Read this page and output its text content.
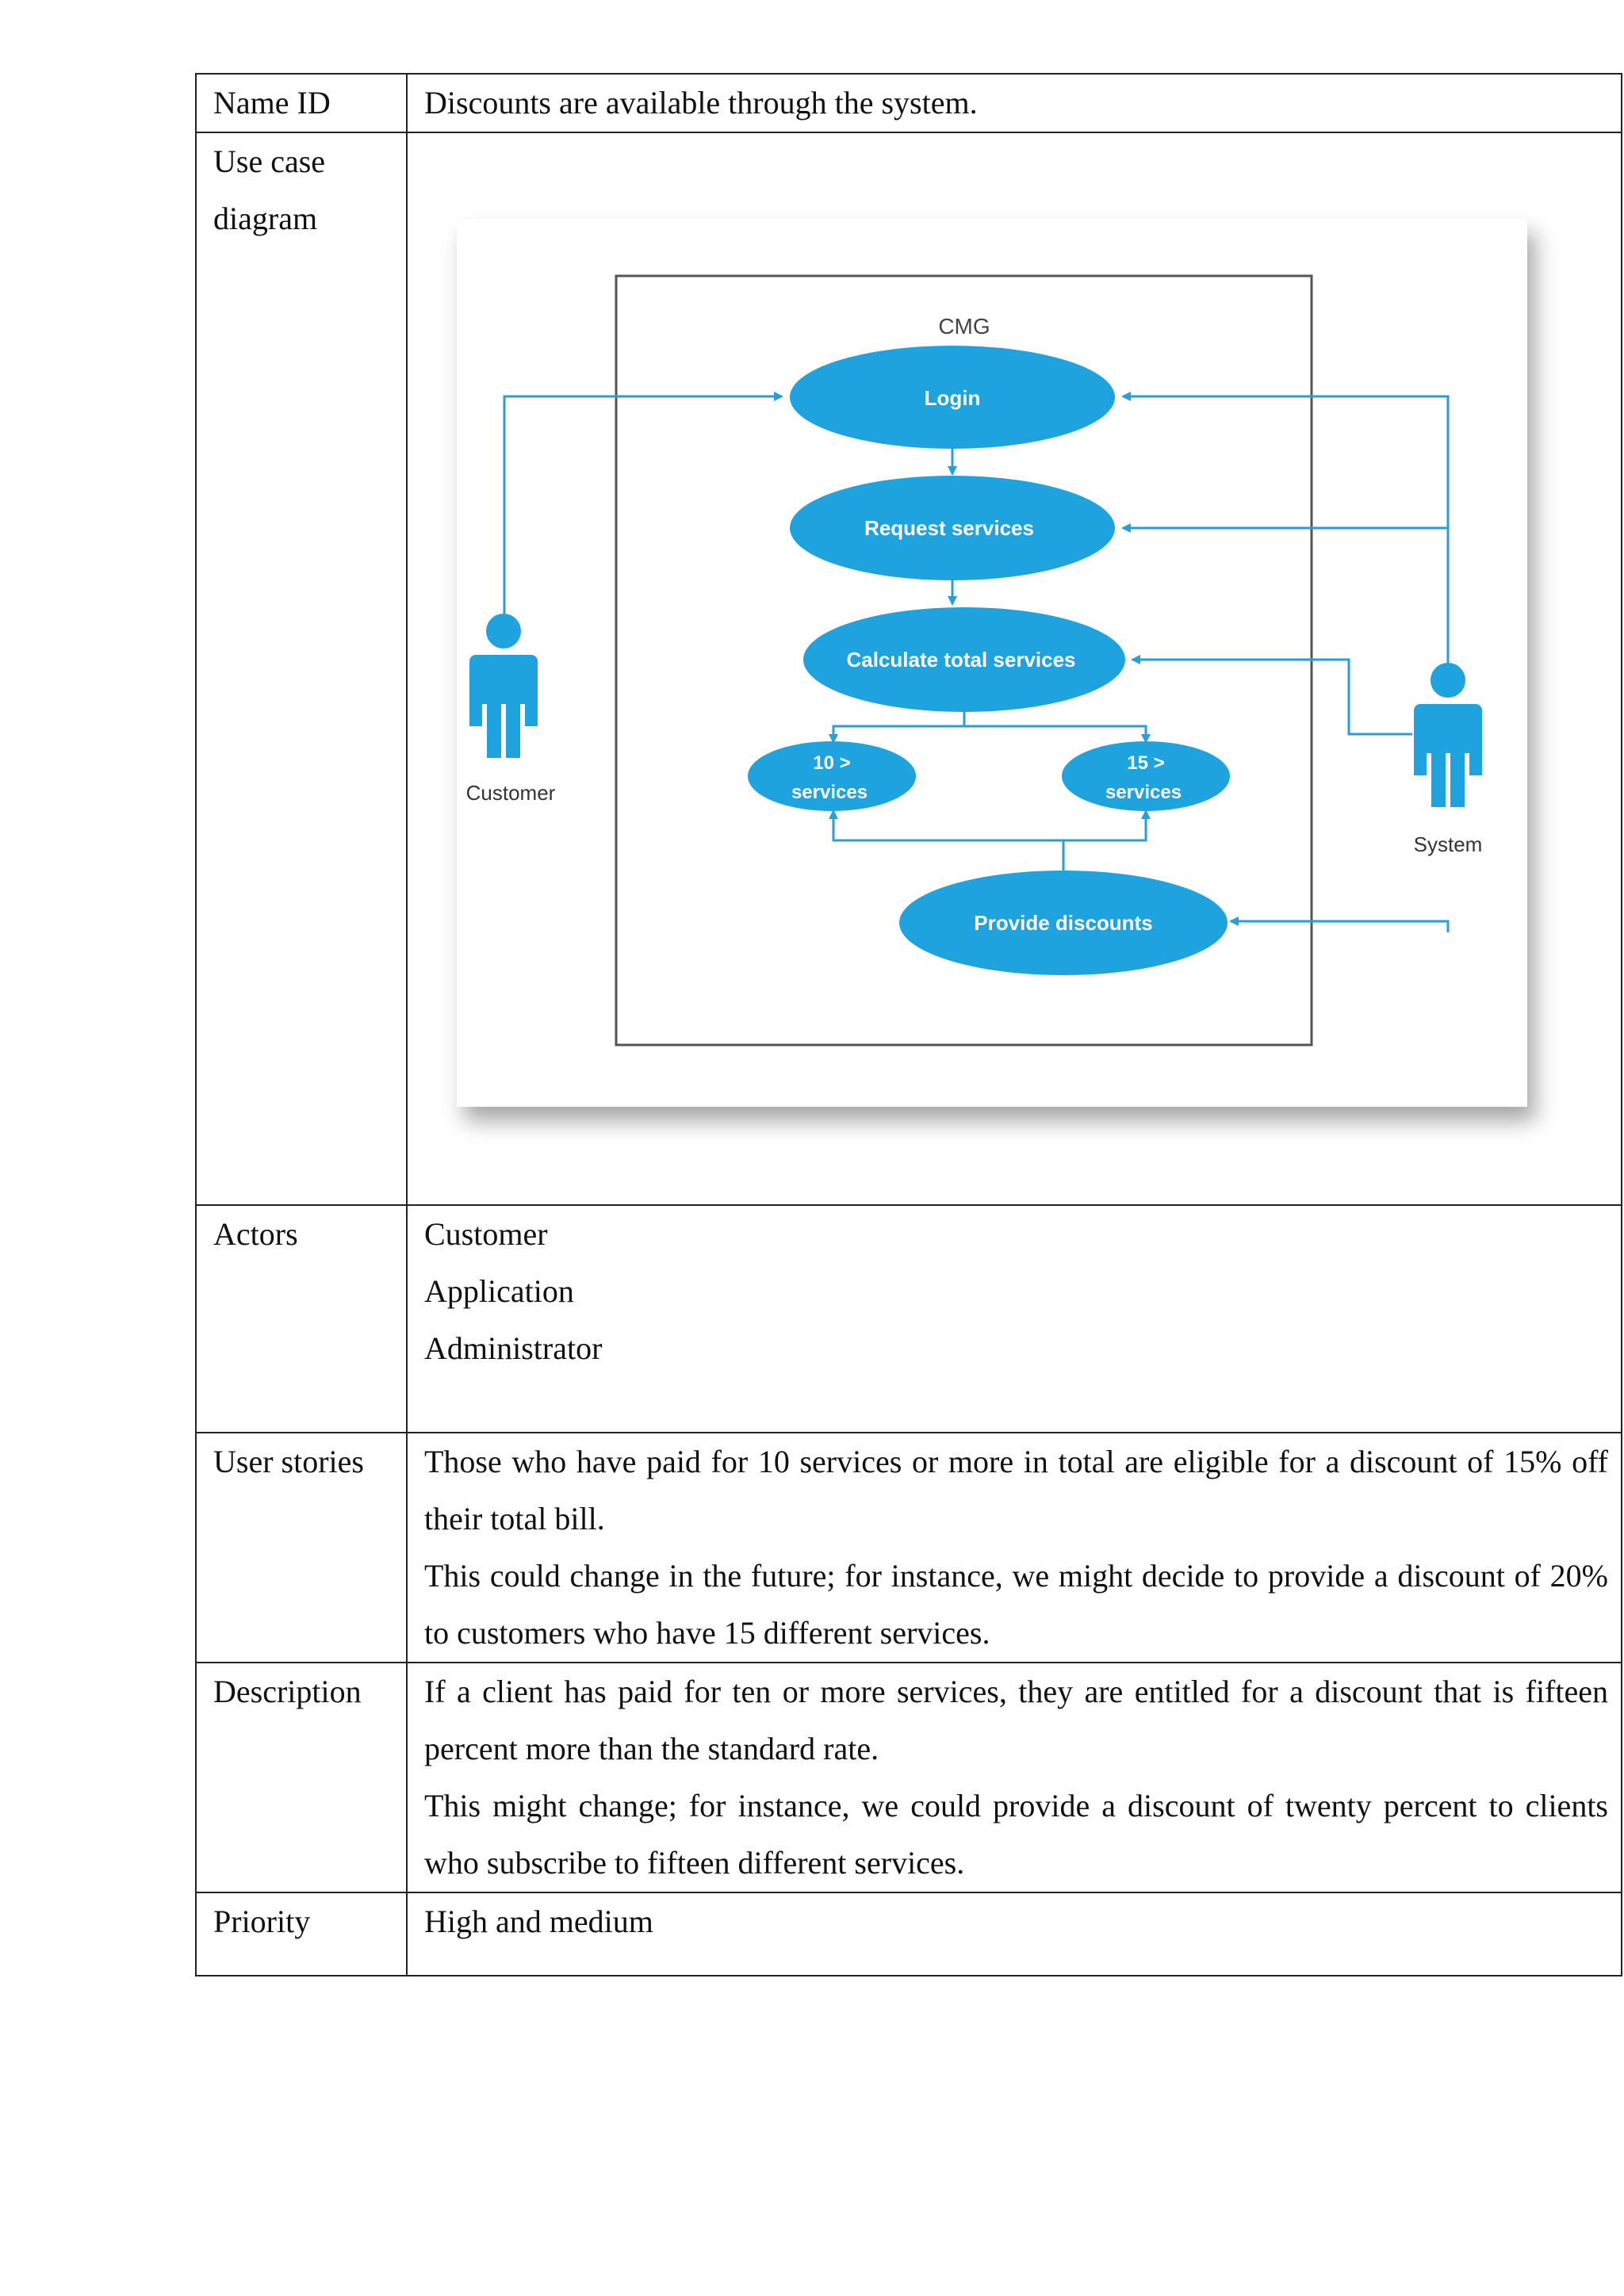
Name ID	Discounts are available through the system.

Use case
diagram	

Actors	Customer
Application
Administrator

User stories	Those who have paid for 10 services or more in total are eligible for a discount of 15% off their total bill.
This could change in the future; for instance, we might decide to provide a discount of 20% to customers who have 15 different services.

Description	If a client has paid for ten or more services, they are entitled for a discount that is fifteen percent more than the standard rate.
This might change; for instance, we could provide a discount of twenty percent to clients who subscribe to fifteen different services.

Priority	High and medium
CMG
Login
Request services
Calculate total services
10 >
services
15 >
services
Provide discounts
Customer
System
